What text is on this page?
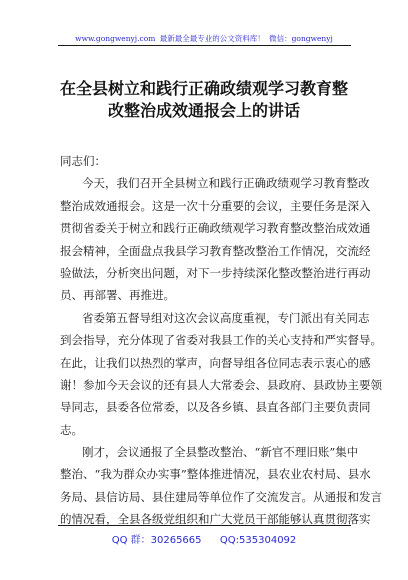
www.gongwenyj.com 最新最全最专业的公文资料库！ 微信：gongwenyj
在全县树立和践行正确政绩观学习教育整
改整治成效通报会上的讲话
同志们：
今天，我们召开全县树立和践行正确政绩观学习教育整改
整治成效通报会。这是一次十分重要的会议，主要任务是深入
贯彻省委关于树立和践行正确政绩观学习教育整改整治成效通
报会精神，全面盘点我县学习教育整改整治工作情况，交流经
验做法，分析突出问题，对下一步持续深化整改整治进行再动
员、再部署、再推进。
省委第五督导组对这次会议高度重视，专门派出有关同志
到会指导，充分体现了省委对我县工作的关心支持和严实督导。
在此，让我们以热烈的掌声，向督导组各位同志表示衷心的感
谢！参加今天会议的还有县人大常委会、县政府、县政协主要领
导同志，县委各位常委，以及各乡镇、县直各部门主要负责同
志。
刚才，会议通报了全县整改整治、“新官不理旧账”集中
整治、“我为群众办实事”整体推进情况，县农业农村局、县水
务局、县信访局、县住建局等单位作了交流发言。从通报和发言
的情况看，全县各级党组织和广大党员干部能够认真贯彻落实
QQ 群：30265665 QQ:535304092
